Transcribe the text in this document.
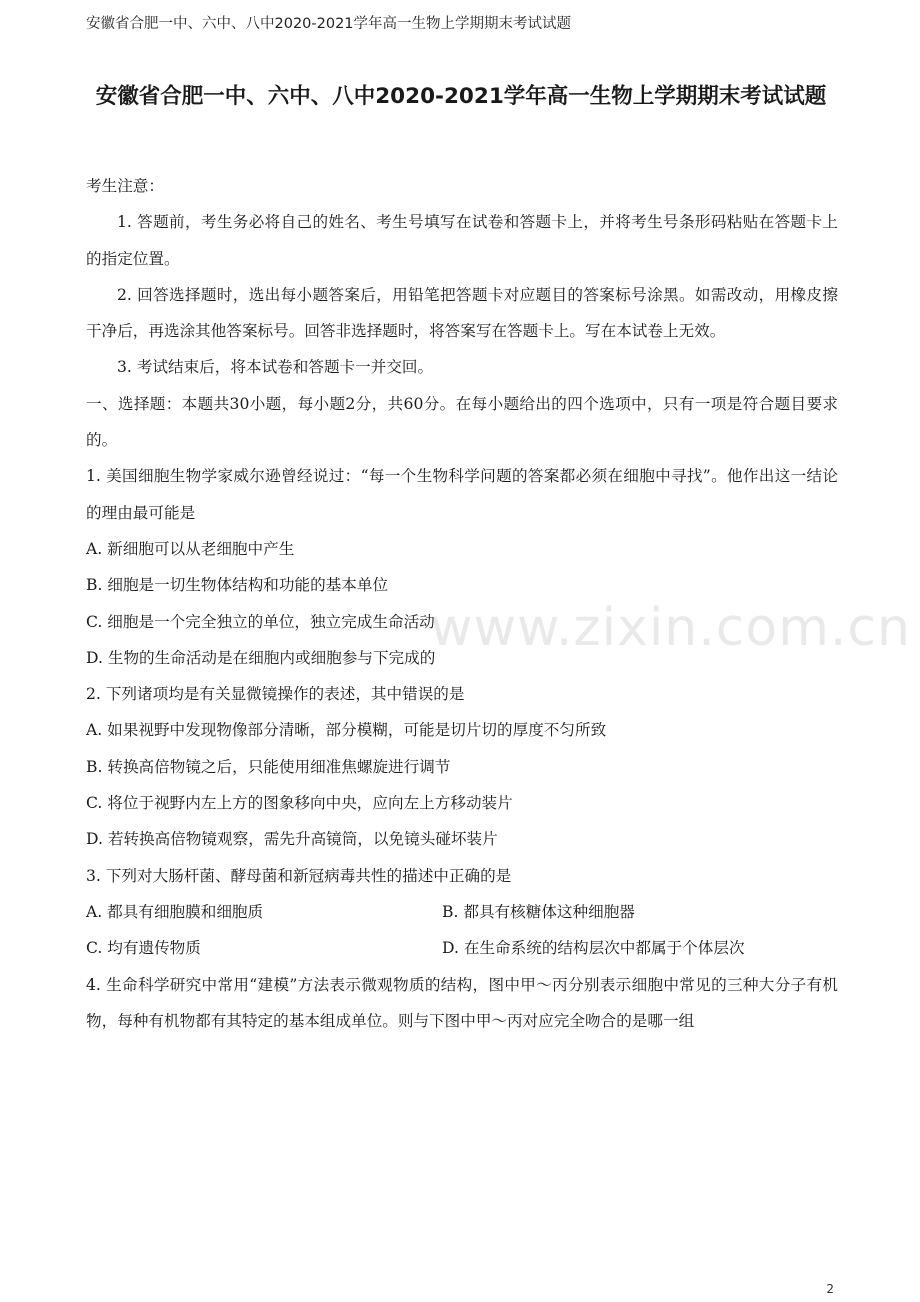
安徽省合肥一中、六中、八中2020-2021学年高一生物上学期期末考试试题
www.zixin.com.cn
安徽省合肥一中、六中、八中2020-2021学年高一生物上学期期末考试试题

考生注意：

1. 答题前，考生务必将自己的姓名、考生号填写在试卷和答题卡上，并将考生号条形码粘贴在答题卡上的指定位置。

2. 回答选择题时，选出每小题答案后，用铅笔把答题卡对应题目的答案标号涂黑。如需改动，用橡皮擦干净后，再选涂其他答案标号。回答非选择题时，将答案写在答题卡上。写在本试卷上无效。

3. 考试结束后，将本试卷和答题卡一并交回。

一、选择题：本题共30小题，每小题2分，共60分。在每小题给出的四个选项中，只有一项是符合题目要求的。

1. 美国细胞生物学家威尔逊曾经说过：“每一个生物科学问题的答案都必须在细胞中寻找”。他作出这一结论的理由最可能是

A. 新细胞可以从老细胞中产生

B. 细胞是一切生物体结构和功能的基本单位

C. 细胞是一个完全独立的单位，独立完成生命活动

D. 生物的生命活动是在细胞内或细胞参与下完成的

2. 下列诸项均是有关显微镜操作的表述，其中错误的是

A. 如果视野中发现物像部分清晰，部分模糊，可能是切片切的厚度不匀所致

B. 转换高倍物镜之后，只能使用细准焦螺旋进行调节

C. 将位于视野内左上方的图象移向中央，应向左上方移动装片

D. 若转换高倍物镜观察，需先升高镜筒，以免镜头碰坏装片

3. 下列对大肠杆菌、酵母菌和新冠病毒共性的描述中正确的是

A. 都具有细胞膜和细胞质	B. 都具有核糖体这种细胞器

C. 均有遗传物质	D. 在生命系统的结构层次中都属于个体层次

4. 生命科学研究中常用“建模”方法表示微观物质的结构，图中甲～丙分别表示细胞中常见的三种大分子有机物，每种有机物都有其特定的基本组成单位。则与下图中甲～丙对应完全吻合的是哪一组

2
